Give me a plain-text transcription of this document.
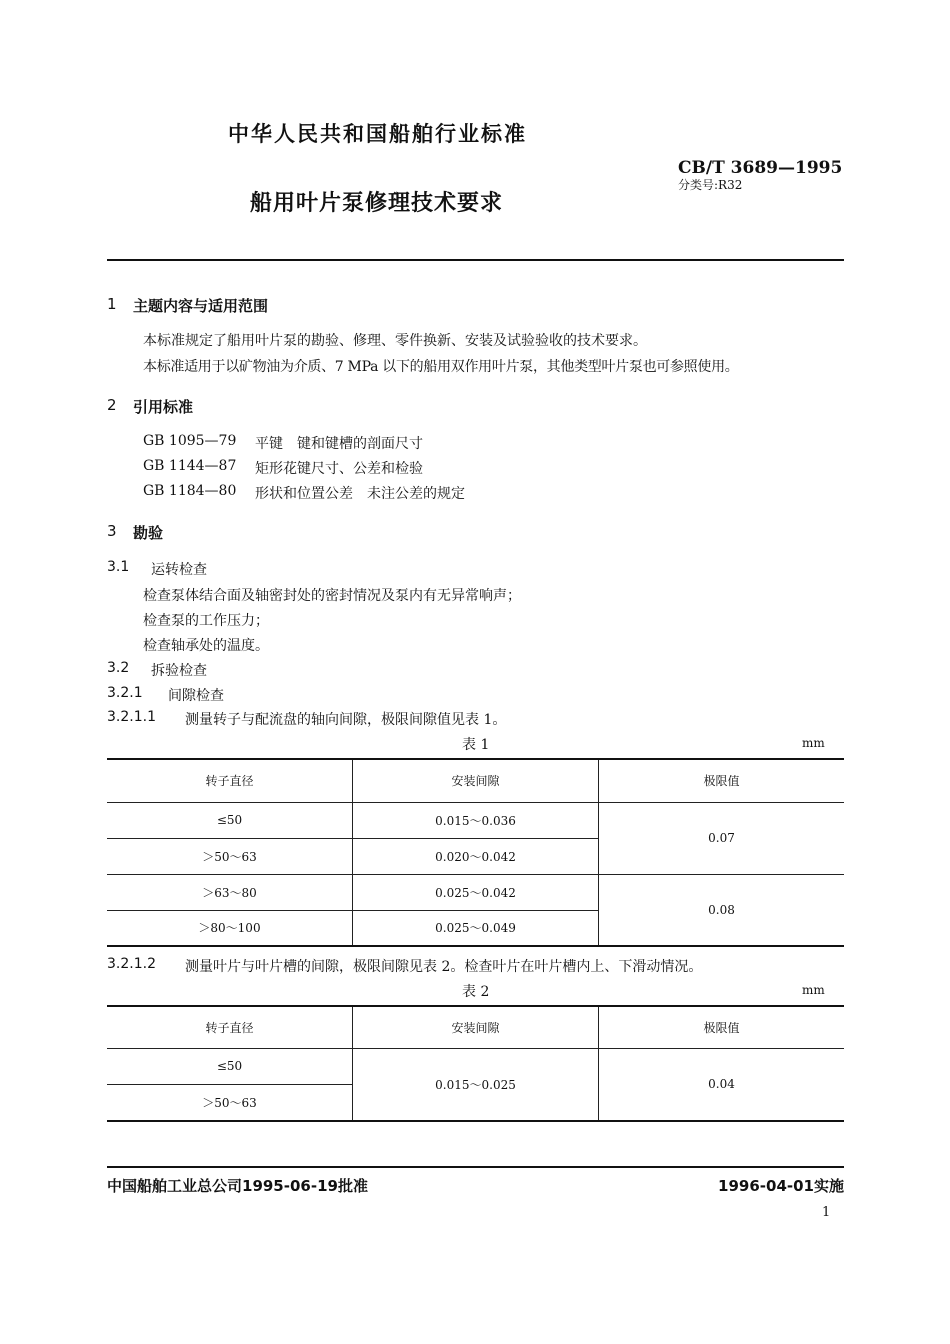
中华人民共和国船舶行业标准
CB/T 3689—1995
分类号:R32
船用叶片泵修理技术要求
1 主题内容与适用范围
本标准规定了船用叶片泵的勘验、修理、零件换新、安装及试验验收的技术要求。
本标准适用于以矿物油为介质、7 MPa 以下的船用双作用叶片泵，其他类型叶片泵也可参照使用。
2 引用标准
GB 1095—79 平键　键和键槽的剖面尺寸
GB 1144—87 矩形花键尺寸、公差和检验
GB 1184—80 形状和位置公差　未注公差的规定
3 勘验
3.1 运转检查
检查泵体结合面及轴密封处的密封情况及泵内有无异常响声；
检查泵的工作压力；
检查轴承处的温度。
3.2 拆验检查
3.2.1 间隙检查
3.2.1.1 测量转子与配流盘的轴向间隙，极限间隙值见表 1。
表 1	mm
转子直径	安装间隙	极限值
≤50	0.015～0.036	0.07
＞50～63	0.020～0.042	
＞63～80	0.025～0.042	0.08
＞80～100	0.025～0.049	
3.2.1.2 测量叶片与叶片槽的间隙，极限间隙见表 2。检查叶片在叶片槽内上、下滑动情况。
表 2	mm
转子直径	安装间隙	极限值
≤50	0.015～0.025	0.04
＞50～63		
中国船舶工业总公司1995-06-19批准	1996-04-01实施
1
